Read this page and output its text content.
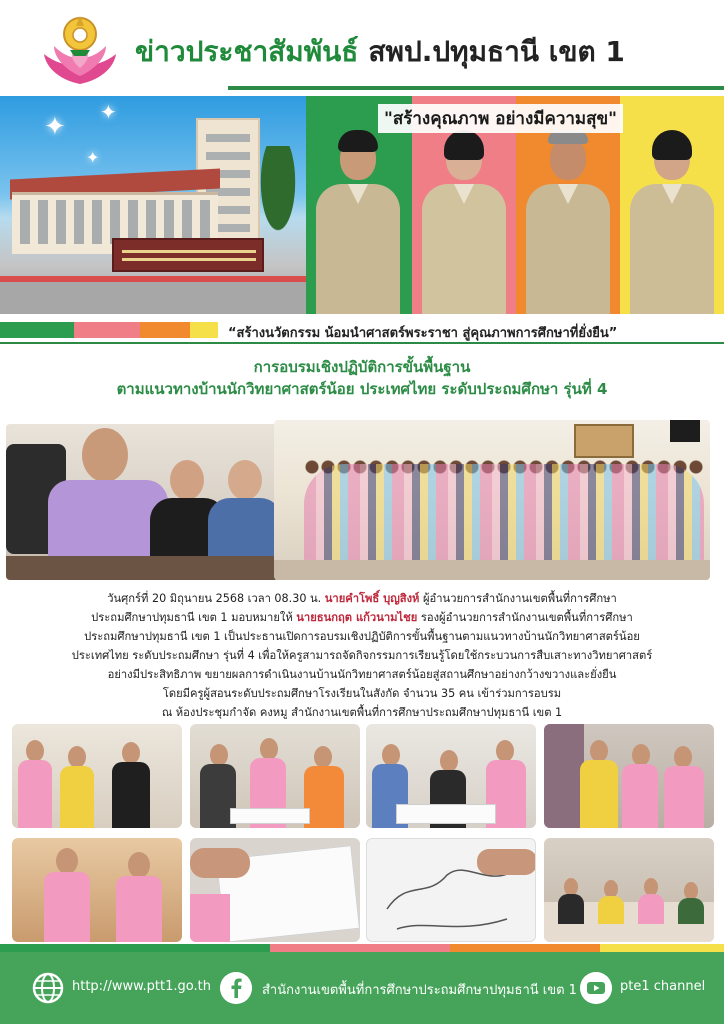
ข่าวประชาสัมพันธ์ สพป.ปทุมธานี เขต 1
✦ ✦
✦
"สร้างคุณภาพ อย่างมีความสุข"
“สร้างนวัตกรรม น้อมนำศาสตร์พระราชา สู่คุณภาพการศึกษาที่ยั่งยืน”
การอบรมเชิงปฏิบัติการขั้นพื้นฐาน
ตามแนวทางบ้านนักวิทยาศาสตร์น้อย ประเทศไทย ระดับประถมศึกษา รุ่นที่ 4
วันศุกร์ที่ 20 มิถุนายน 2568 เวลา 08.30 น. นายคำโพธิ์ บุญสิงห์ ผู้อำนวยการสำนักงานเขตพื้นที่การศึกษา
ประถมศึกษาปทุมธานี เขต 1 มอบหมายให้ นายธนกฤต แก้วนามไชย รองผู้อำนวยการสำนักงานเขตพื้นที่การศึกษา
ประถมศึกษาปทุมธานี เขต 1 เป็นประธานเปิดการอบรมเชิงปฏิบัติการขั้นพื้นฐานตามแนวทางบ้านนักวิทยาศาสตร์น้อย
ประเทศไทย ระดับประถมศึกษา รุ่นที่ 4 เพื่อให้ครูสามารถจัดกิจกรรมการเรียนรู้โดยใช้กระบวนการสืบเสาะทางวิทยาศาสตร์
อย่างมีประสิทธิภาพ ขยายผลการดำเนินงานบ้านนักวิทยาศาสตร์น้อยสู่สถานศึกษาอย่างกว้างขวางและยั่งยืน
โดยมีครูผู้สอนระดับประถมศึกษาโรงเรียนในสังกัด จำนวน 35 คน เข้าร่วมการอบรม
ณ ห้องประชุมกำจัด คงหมู สำนักงานเขตพื้นที่การศึกษาประถมศึกษาปทุมธานี เขต 1
http://www.ptt1.go.th	สำนักงานเขตพื้นที่การศึกษาประถมศึกษาปทุมธานี เขต 1	pte1 channel
